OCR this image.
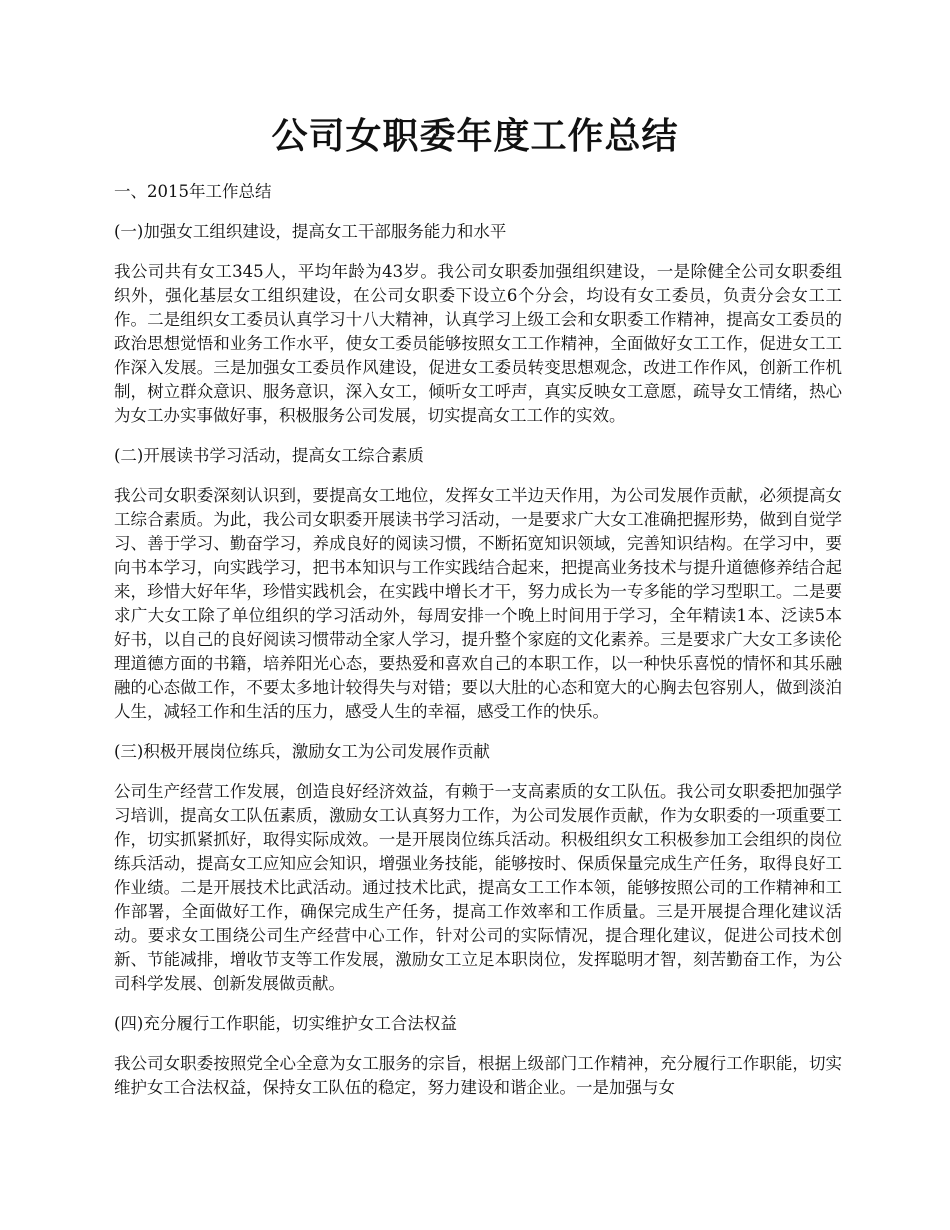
公司女职委年度工作总结
一、2015年工作总结
(一)加强女工组织建设，提高女工干部服务能力和水平
我公司共有女工345人，平均年龄为43岁。我公司女职委加强组织建设，一是除健全公司女职委组织外，强化基层女工组织建设，在公司女职委下设立6个分会，均设有女工委员，负责分会女工工作。二是组织女工委员认真学习十八大精神，认真学习上级工会和女职委工作精神，提高女工委员的政治思想觉悟和业务工作水平，使女工委员能够按照女工工作精神，全面做好女工工作，促进女工工作深入发展。三是加强女工委员作风建设，促进女工委员转变思想观念，改进工作作风，创新工作机制，树立群众意识、服务意识，深入女工，倾听女工呼声，真实反映女工意愿，疏导女工情绪，热心为女工办实事做好事，积极服务公司发展，切实提高女工工作的实效。
(二)开展读书学习活动，提高女工综合素质
我公司女职委深刻认识到，要提高女工地位，发挥女工半边天作用，为公司发展作贡献，必须提高女工综合素质。为此，我公司女职委开展读书学习活动，一是要求广大女工准确把握形势，做到自觉学习、善于学习、勤奋学习，养成良好的阅读习惯，不断拓宽知识领域，完善知识结构。在学习中，要向书本学习，向实践学习，把书本知识与工作实践结合起来，把提高业务技术与提升道德修养结合起来，珍惜大好年华，珍惜实践机会，在实践中增长才干，努力成长为一专多能的学习型职工。二是要求广大女工除了单位组织的学习活动外，每周安排一个晚上时间用于学习，全年精读1本、泛读5本好书，以自己的良好阅读习惯带动全家人学习，提升整个家庭的文化素养。三是要求广大女工多读伦理道德方面的书籍，培养阳光心态，要热爱和喜欢自己的本职工作，以一种快乐喜悦的情怀和其乐融融的心态做工作，不要太多地计较得失与对错；要以大肚的心态和宽大的心胸去包容别人，做到淡泊人生，减轻工作和生活的压力，感受人生的幸福，感受工作的快乐。
(三)积极开展岗位练兵，激励女工为公司发展作贡献
公司生产经营工作发展，创造良好经济效益，有赖于一支高素质的女工队伍。我公司女职委把加强学习培训，提高女工队伍素质，激励女工认真努力工作，为公司发展作贡献，作为女职委的一项重要工作，切实抓紧抓好，取得实际成效。一是开展岗位练兵活动。积极组织女工积极参加工会组织的岗位练兵活动，提高女工应知应会知识，增强业务技能，能够按时、保质保量完成生产任务，取得良好工作业绩。二是开展技术比武活动。通过技术比武，提高女工工作本领，能够按照公司的工作精神和工作部署，全面做好工作，确保完成生产任务，提高工作效率和工作质量。三是开展提合理化建议活动。要求女工围绕公司生产经营中心工作，针对公司的实际情况，提合理化建议，促进公司技术创新、节能减排，增收节支等工作发展，激励女工立足本职岗位，发挥聪明才智，刻苦勤奋工作，为公司科学发展、创新发展做贡献。
(四)充分履行工作职能，切实维护女工合法权益
我公司女职委按照党全心全意为女工服务的宗旨，根据上级部门工作精神，充分履行工作职能，切实维护女工合法权益，保持女工队伍的稳定，努力建设和谐企业。一是加强与女
